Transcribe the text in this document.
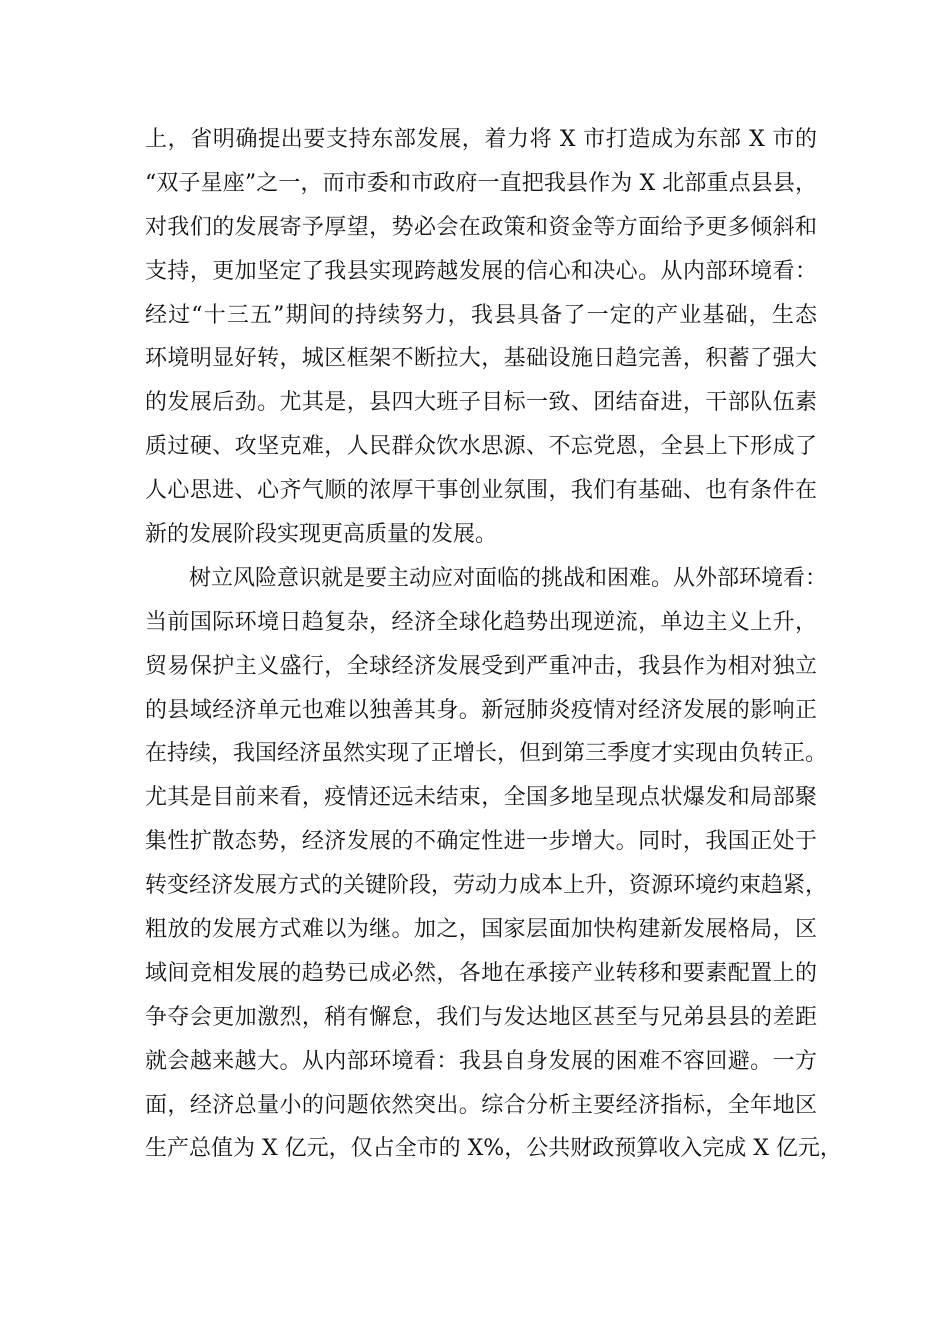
上，省明确提出要支持东部发展，着力将 X 市打造成为东部 X 市的
“双子星座”之一，而市委和市政府一直把我县作为 X 北部重点县县，
对我们的发展寄予厚望，势必会在政策和资金等方面给予更多倾斜和
支持，更加坚定了我县实现跨越发展的信心和决心。从内部环境看：
经过“十三五”期间的持续努力，我县具备了一定的产业基础，生态
环境明显好转，城区框架不断拉大，基础设施日趋完善，积蓄了强大
的发展后劲。尤其是，县四大班子目标一致、团结奋进，干部队伍素
质过硬、攻坚克难，人民群众饮水思源、不忘党恩，全县上下形成了
人心思进、心齐气顺的浓厚干事创业氛围，我们有基础、也有条件在
新的发展阶段实现更高质量的发展。
树立风险意识就是要主动应对面临的挑战和困难。从外部环境看：
当前国际环境日趋复杂，经济全球化趋势出现逆流，单边主义上升，
贸易保护主义盛行，全球经济发展受到严重冲击，我县作为相对独立
的县域经济单元也难以独善其身。新冠肺炎疫情对经济发展的影响正
在持续，我国经济虽然实现了正增长，但到第三季度才实现由负转正。
尤其是目前来看，疫情还远未结束，全国多地呈现点状爆发和局部聚
集性扩散态势，经济发展的不确定性进一步增大。同时，我国正处于
转变经济发展方式的关键阶段，劳动力成本上升，资源环境约束趋紧，
粗放的发展方式难以为继。加之，国家层面加快构建新发展格局，区
域间竞相发展的趋势已成必然，各地在承接产业转移和要素配置上的
争夺会更加激烈，稍有懈怠，我们与发达地区甚至与兄弟县县的差距
就会越来越大。从内部环境看：我县自身发展的困难不容回避。一方
面，经济总量小的问题依然突出。综合分析主要经济指标，全年地区
生产总值为 X 亿元，仅占全市的 X%，公共财政预算收入完成 X 亿元，
